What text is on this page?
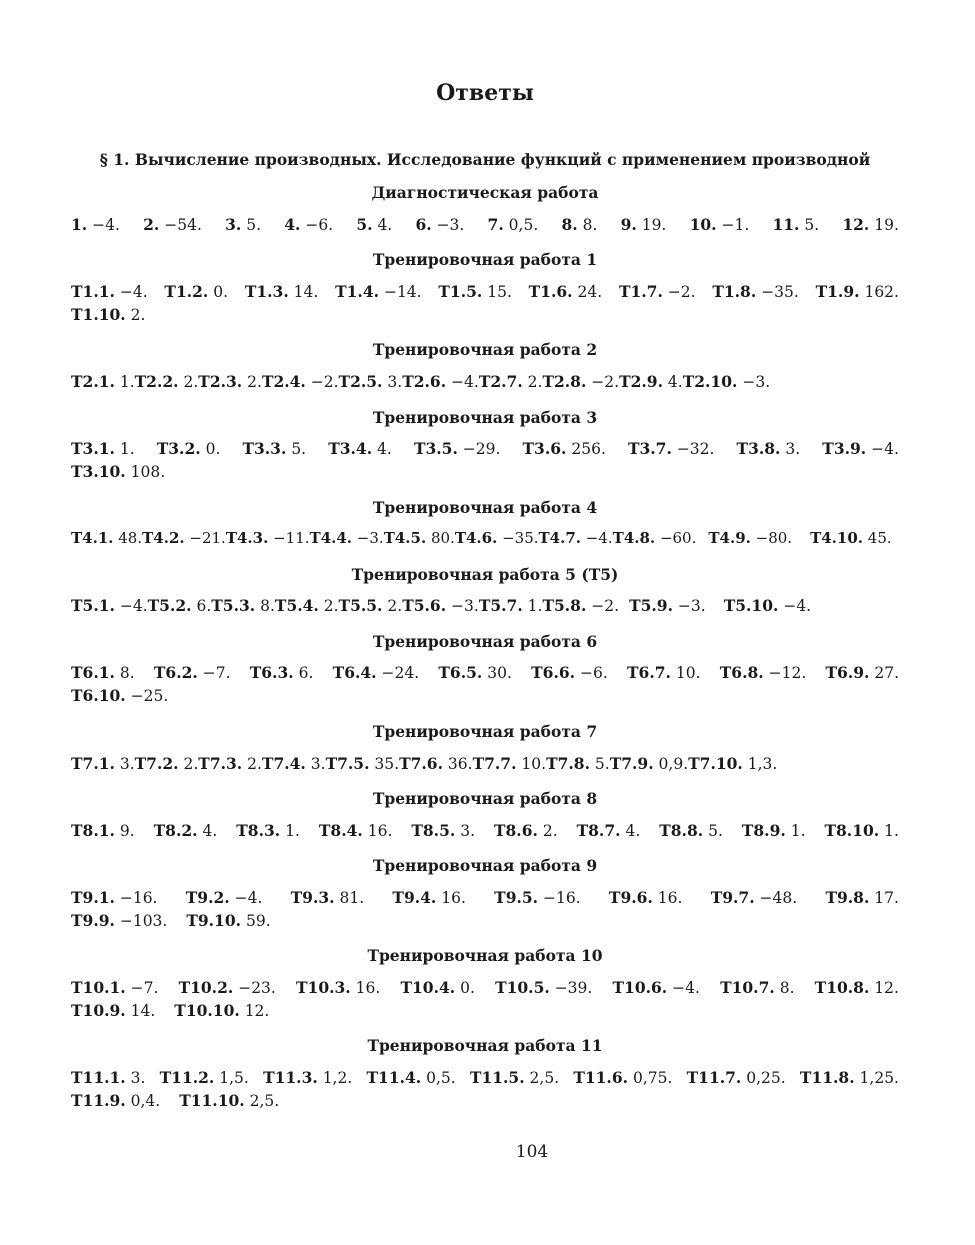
Ответы
§ 1. Вычисление производных. Исследование функций с применением производной
Диагностическая работа
1. −4. 2. −54. 3. 5. 4. −6. 5. 4. 6. −3. 7. 0,5. 8. 8. 9. 19. 10. −1. 11. 5. 12. 19.
Тренировочная работа 1
T1.1. −4. T1.2. 0. T1.3. 14. T1.4. −14. T1.5. 15. T1.6. 24. T1.7. −2. T1.8. −35. T1.9. 162.
T1.10. 2.
Тренировочная работа 2
T2.1. 1. T2.2. 2. T2.3. 2. T2.4. −2. T2.5. 3. T2.6. −4. T2.7. 2. T2.8. −2. T2.9. 4. T2.10. −3.
Тренировочная работа 3
T3.1. 1. T3.2. 0. T3.3. 5. T3.4. 4. T3.5. −29. T3.6. 256. T3.7. −32. T3.8. 3. T3.9. −4.
T3.10. 108.
Тренировочная работа 4
T4.1. 48. T4.2. −21. T4.3. −11. T4.4. −3. T4.5. 80. T4.6. −35. T4.7. −4. T4.8. −60. T4.9. −80. T4.10. 45.
Тренировочная работа 5 (Т5)
T5.1. −4. T5.2. 6. T5.3. 8. T5.4. 2. T5.5. 2. T5.6. −3. T5.7. 1. T5.8. −2. T5.9. −3. T5.10. −4.
Тренировочная работа 6
T6.1. 8. T6.2. −7. T6.3. 6. T6.4. −24. T6.5. 30. T6.6. −6. T6.7. 10. T6.8. −12. T6.9. 27.
T6.10. −25.
Тренировочная работа 7
T7.1. 3. T7.2. 2. T7.3. 2. T7.4. 3. T7.5. 35. T7.6. 36. T7.7. 10. T7.8. 5. T7.9. 0,9. T7.10. 1,3.
Тренировочная работа 8
T8.1. 9. T8.2. 4. T8.3. 1. T8.4. 16. T8.5. 3. T8.6. 2. T8.7. 4. T8.8. 5. T8.9. 1. T8.10. 1.
Тренировочная работа 9
T9.1. −16. T9.2. −4. T9.3. 81. T9.4. 16. T9.5. −16. T9.6. 16. T9.7. −48. T9.8. 17.
T9.9. −103. T9.10. 59.
Тренировочная работа 10
T10.1. −7. T10.2. −23. T10.3. 16. T10.4. 0. T10.5. −39. T10.6. −4. T10.7. 8. T10.8. 12.
T10.9. 14. T10.10. 12.
Тренировочная работа 11
T11.1. 3. T11.2. 1,5. T11.3. 1,2. T11.4. 0,5. T11.5. 2,5. T11.6. 0,75. T11.7. 0,25. T11.8. 1,25.
T11.9. 0,4. T11.10. 2,5.
104
